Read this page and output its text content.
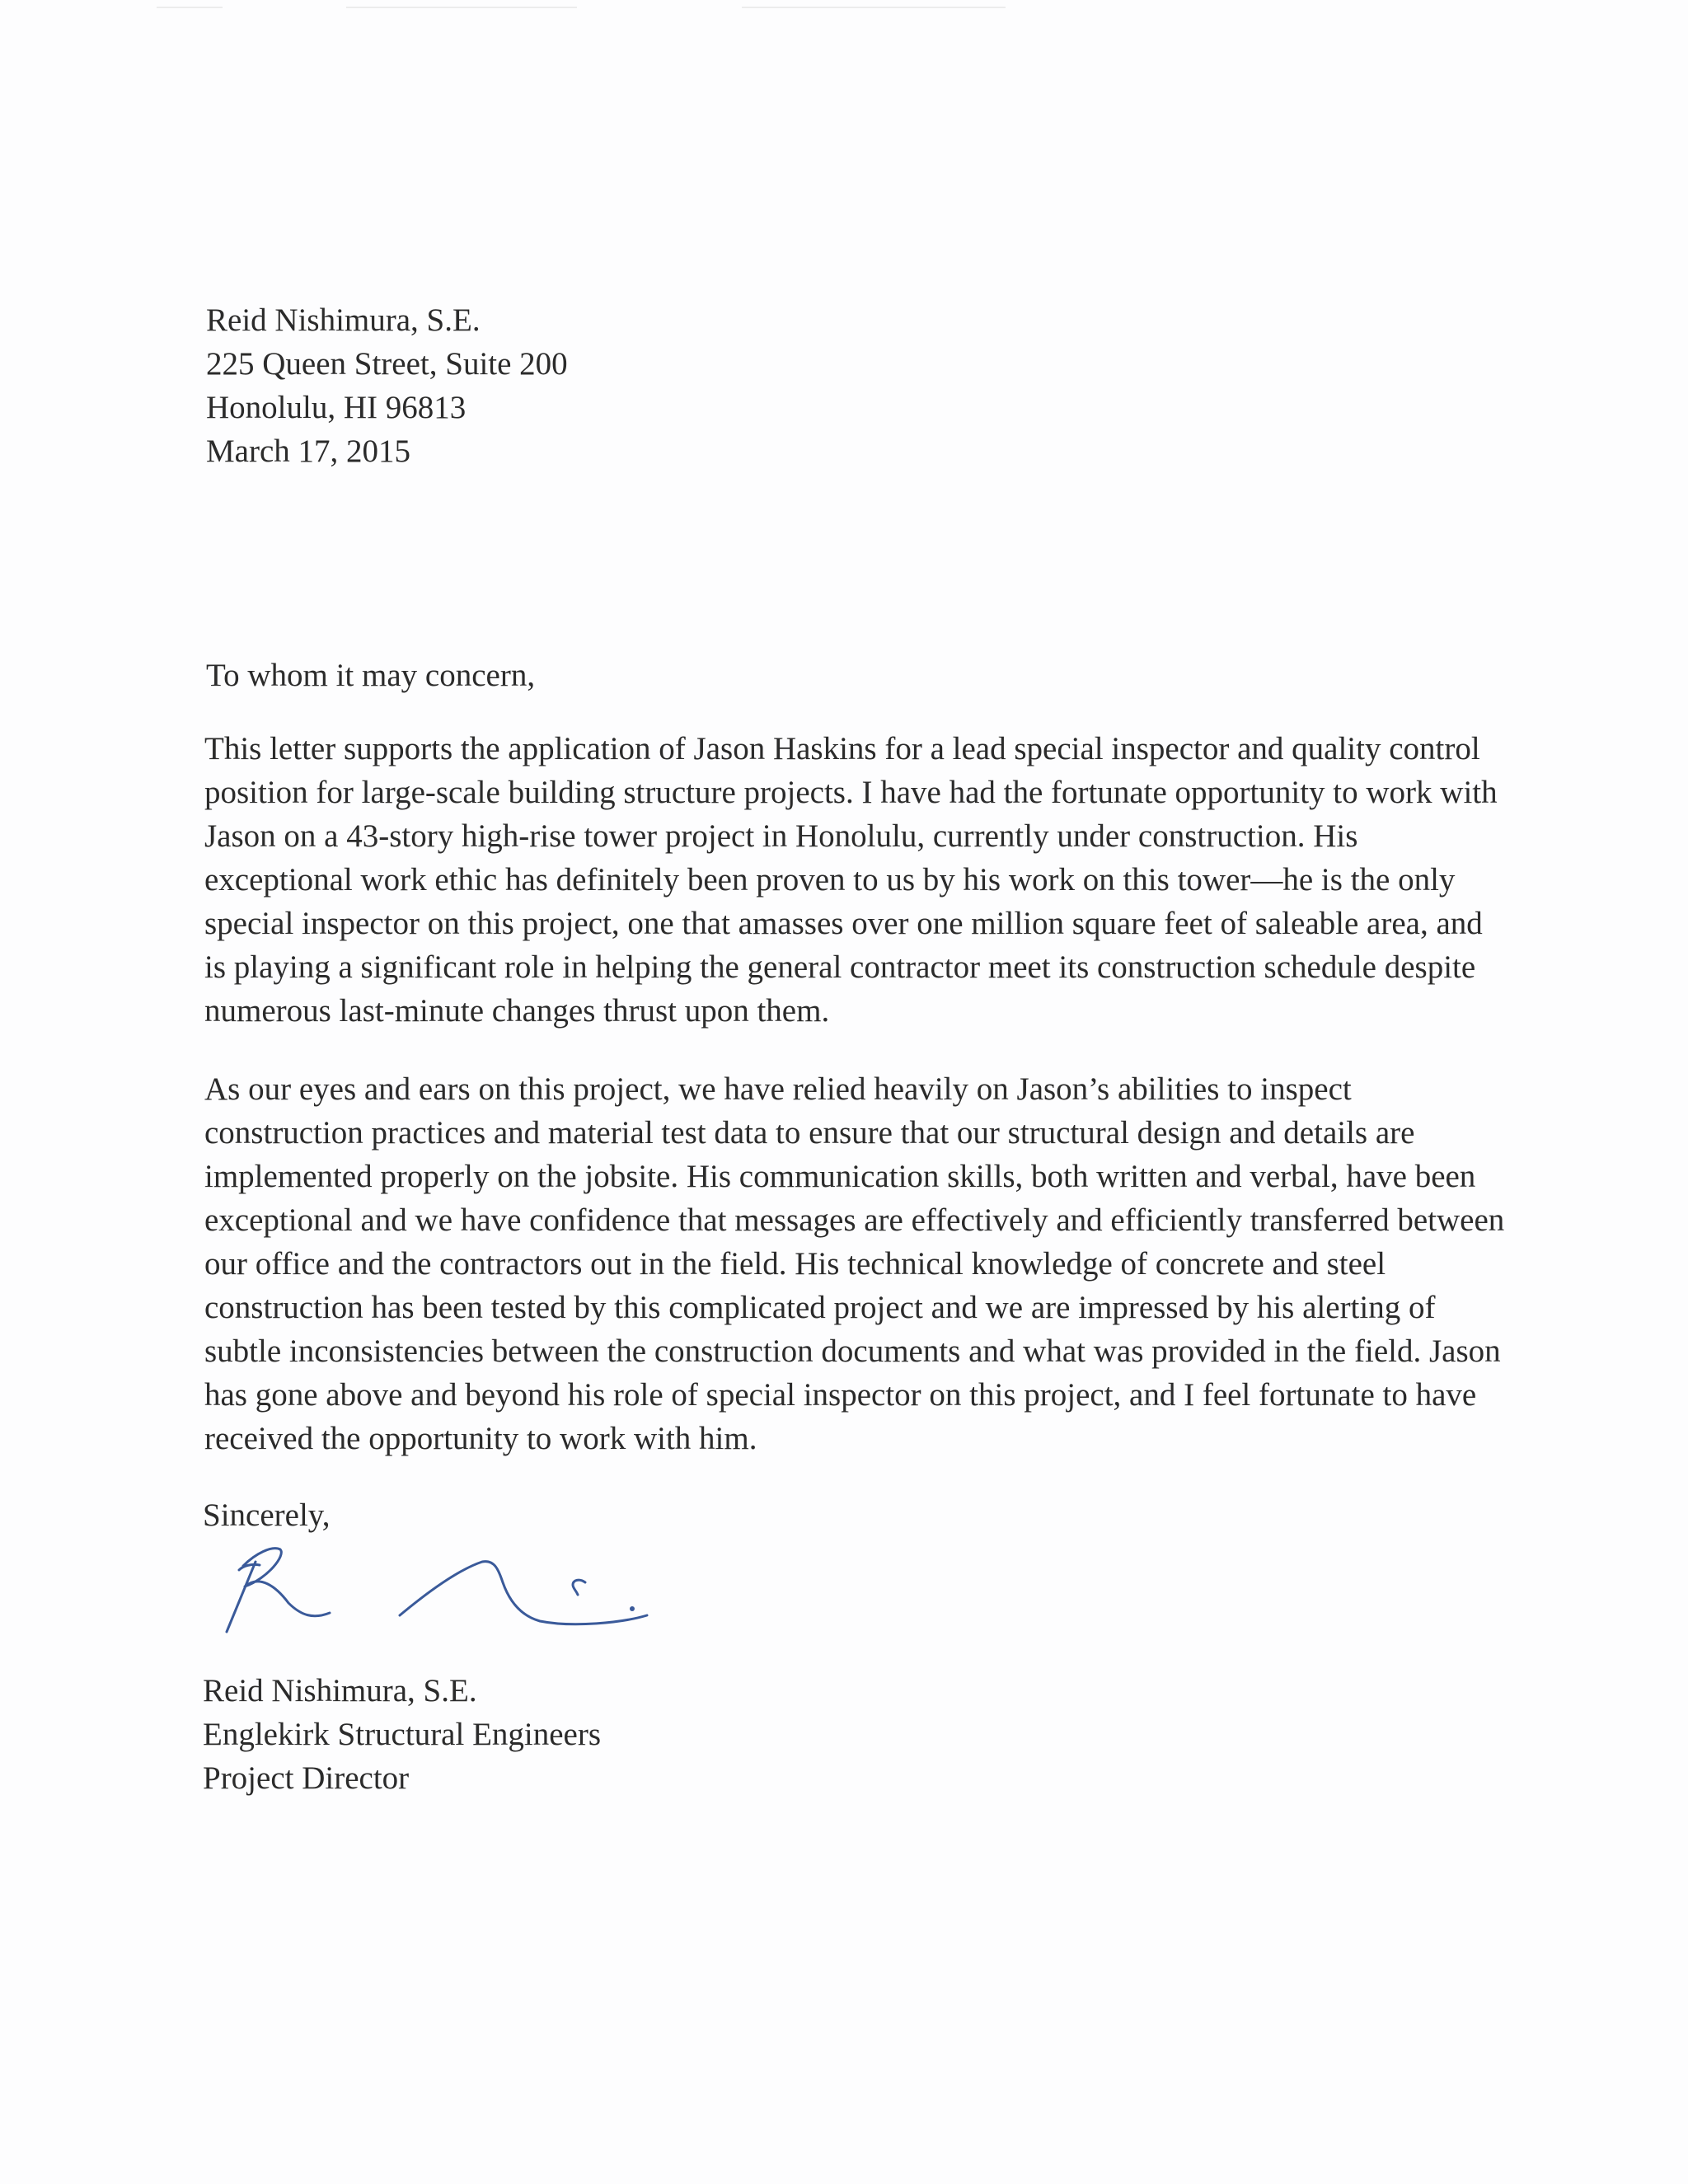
Reid Nishimura, S.E.
225 Queen Street, Suite 200
Honolulu, HI 96813
March 17, 2015
To whom it may concern,
This letter supports the application of Jason Haskins for a lead special inspector and quality control position for large-scale building structure projects. I have had the fortunate opportunity to work with Jason on a 43-story high-rise tower project in Honolulu, currently under construction. His exceptional work ethic has definitely been proven to us by his work on this tower—he is the only special inspector on this project, one that amasses over one million square feet of saleable area, and is playing a significant role in helping the general contractor meet its construction schedule despite numerous last-minute changes thrust upon them.
As our eyes and ears on this project, we have relied heavily on Jason’s abilities to inspect construction practices and material test data to ensure that our structural design and details are implemented properly on the jobsite. His communication skills, both written and verbal, have been exceptional and we have confidence that messages are effectively and efficiently transferred between our office and the contractors out in the field. His technical knowledge of concrete and steel construction has been tested by this complicated project and we are impressed by his alerting of subtle inconsistencies between the construction documents and what was provided in the field. Jason has gone above and beyond his role of special inspector on this project, and I feel fortunate to have received the opportunity to work with him.
Sincerely,
Reid Nishimura, S.E.
Englekirk Structural Engineers
Project Director
